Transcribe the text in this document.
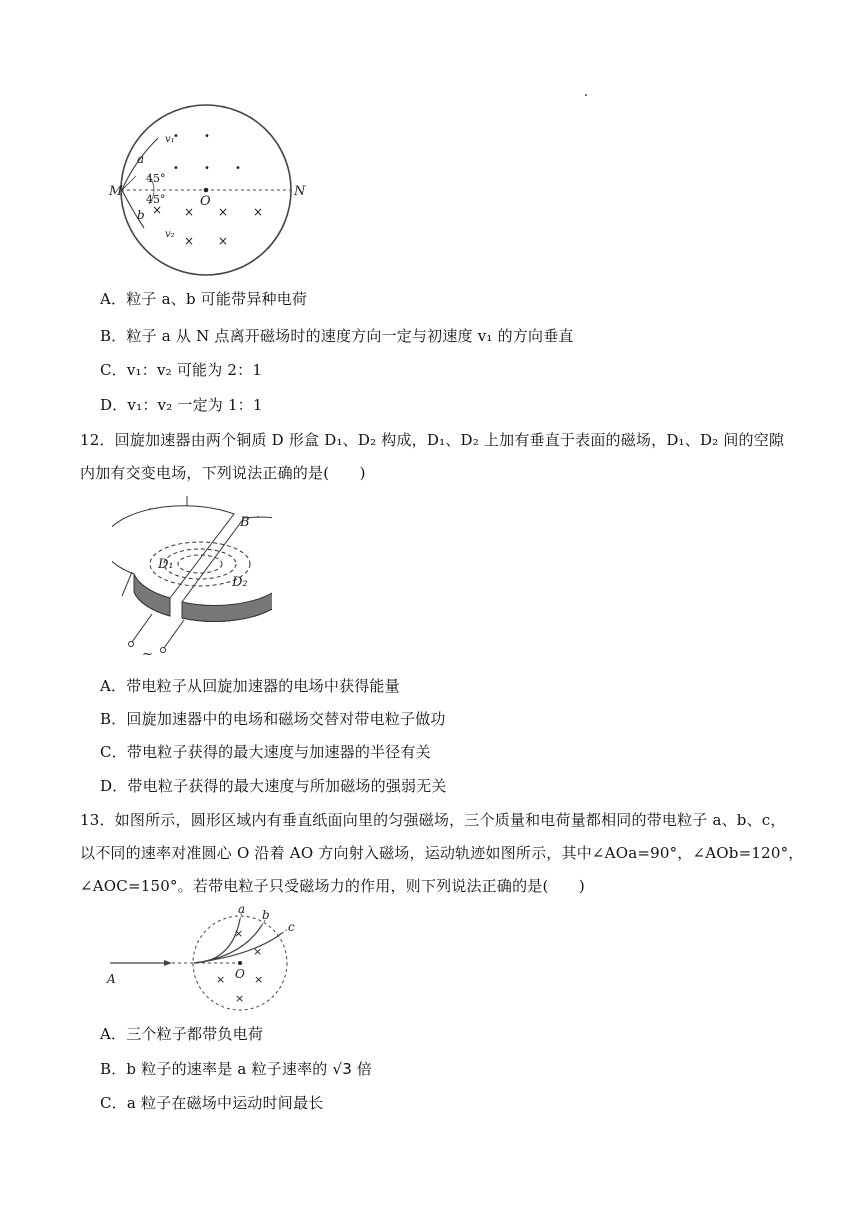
M	N
O
a
b
v₁
v₂
45°
45°
•	•
•	•	•
× × × ×
× ×
A．粒子 a、b 可能带异种电荷
B．粒子 a 从 N 点离开磁场时的速度方向一定与初速度 v₁ 的方向垂直
C．v₁：v₂ 可能为 2：1
D．v₁：v₂ 一定为 1：1
12．回旋加速器由两个铜质 D 形盒 D₁、D₂ 构成，D₁、D₂ 上加有垂直于表面的磁场，D₁、D₂ 间的空隙
内加有交变电场，下列说法正确的是(　　)
B
D₁
D₂
~
A．带电粒子从回旋加速器的电场中获得能量
B．回旋加速器中的电场和磁场交替对带电粒子做功
C．带电粒子获得的最大速度与加速器的半径有关
D．带电粒子获得的最大速度与所加磁场的强弱无关
13．如图所示，圆形区域内有垂直纸面向里的匀强磁场，三个质量和电荷量都相同的带电粒子 a、b、c，
以不同的速率对准圆心 O 沿着 AO 方向射入磁场，运动轨迹如图所示，其中∠AOa=90°，∠AOb=120°，
∠AOC=150°。若带电粒子只受磁场力的作用，则下列说法正确的是(　　)
A	O
a b
c
×
×
×	×
×
A．三个粒子都带负电荷
B．b 粒子的速率是 a 粒子速率的 √3 倍
C．a 粒子在磁场中运动时间最长
